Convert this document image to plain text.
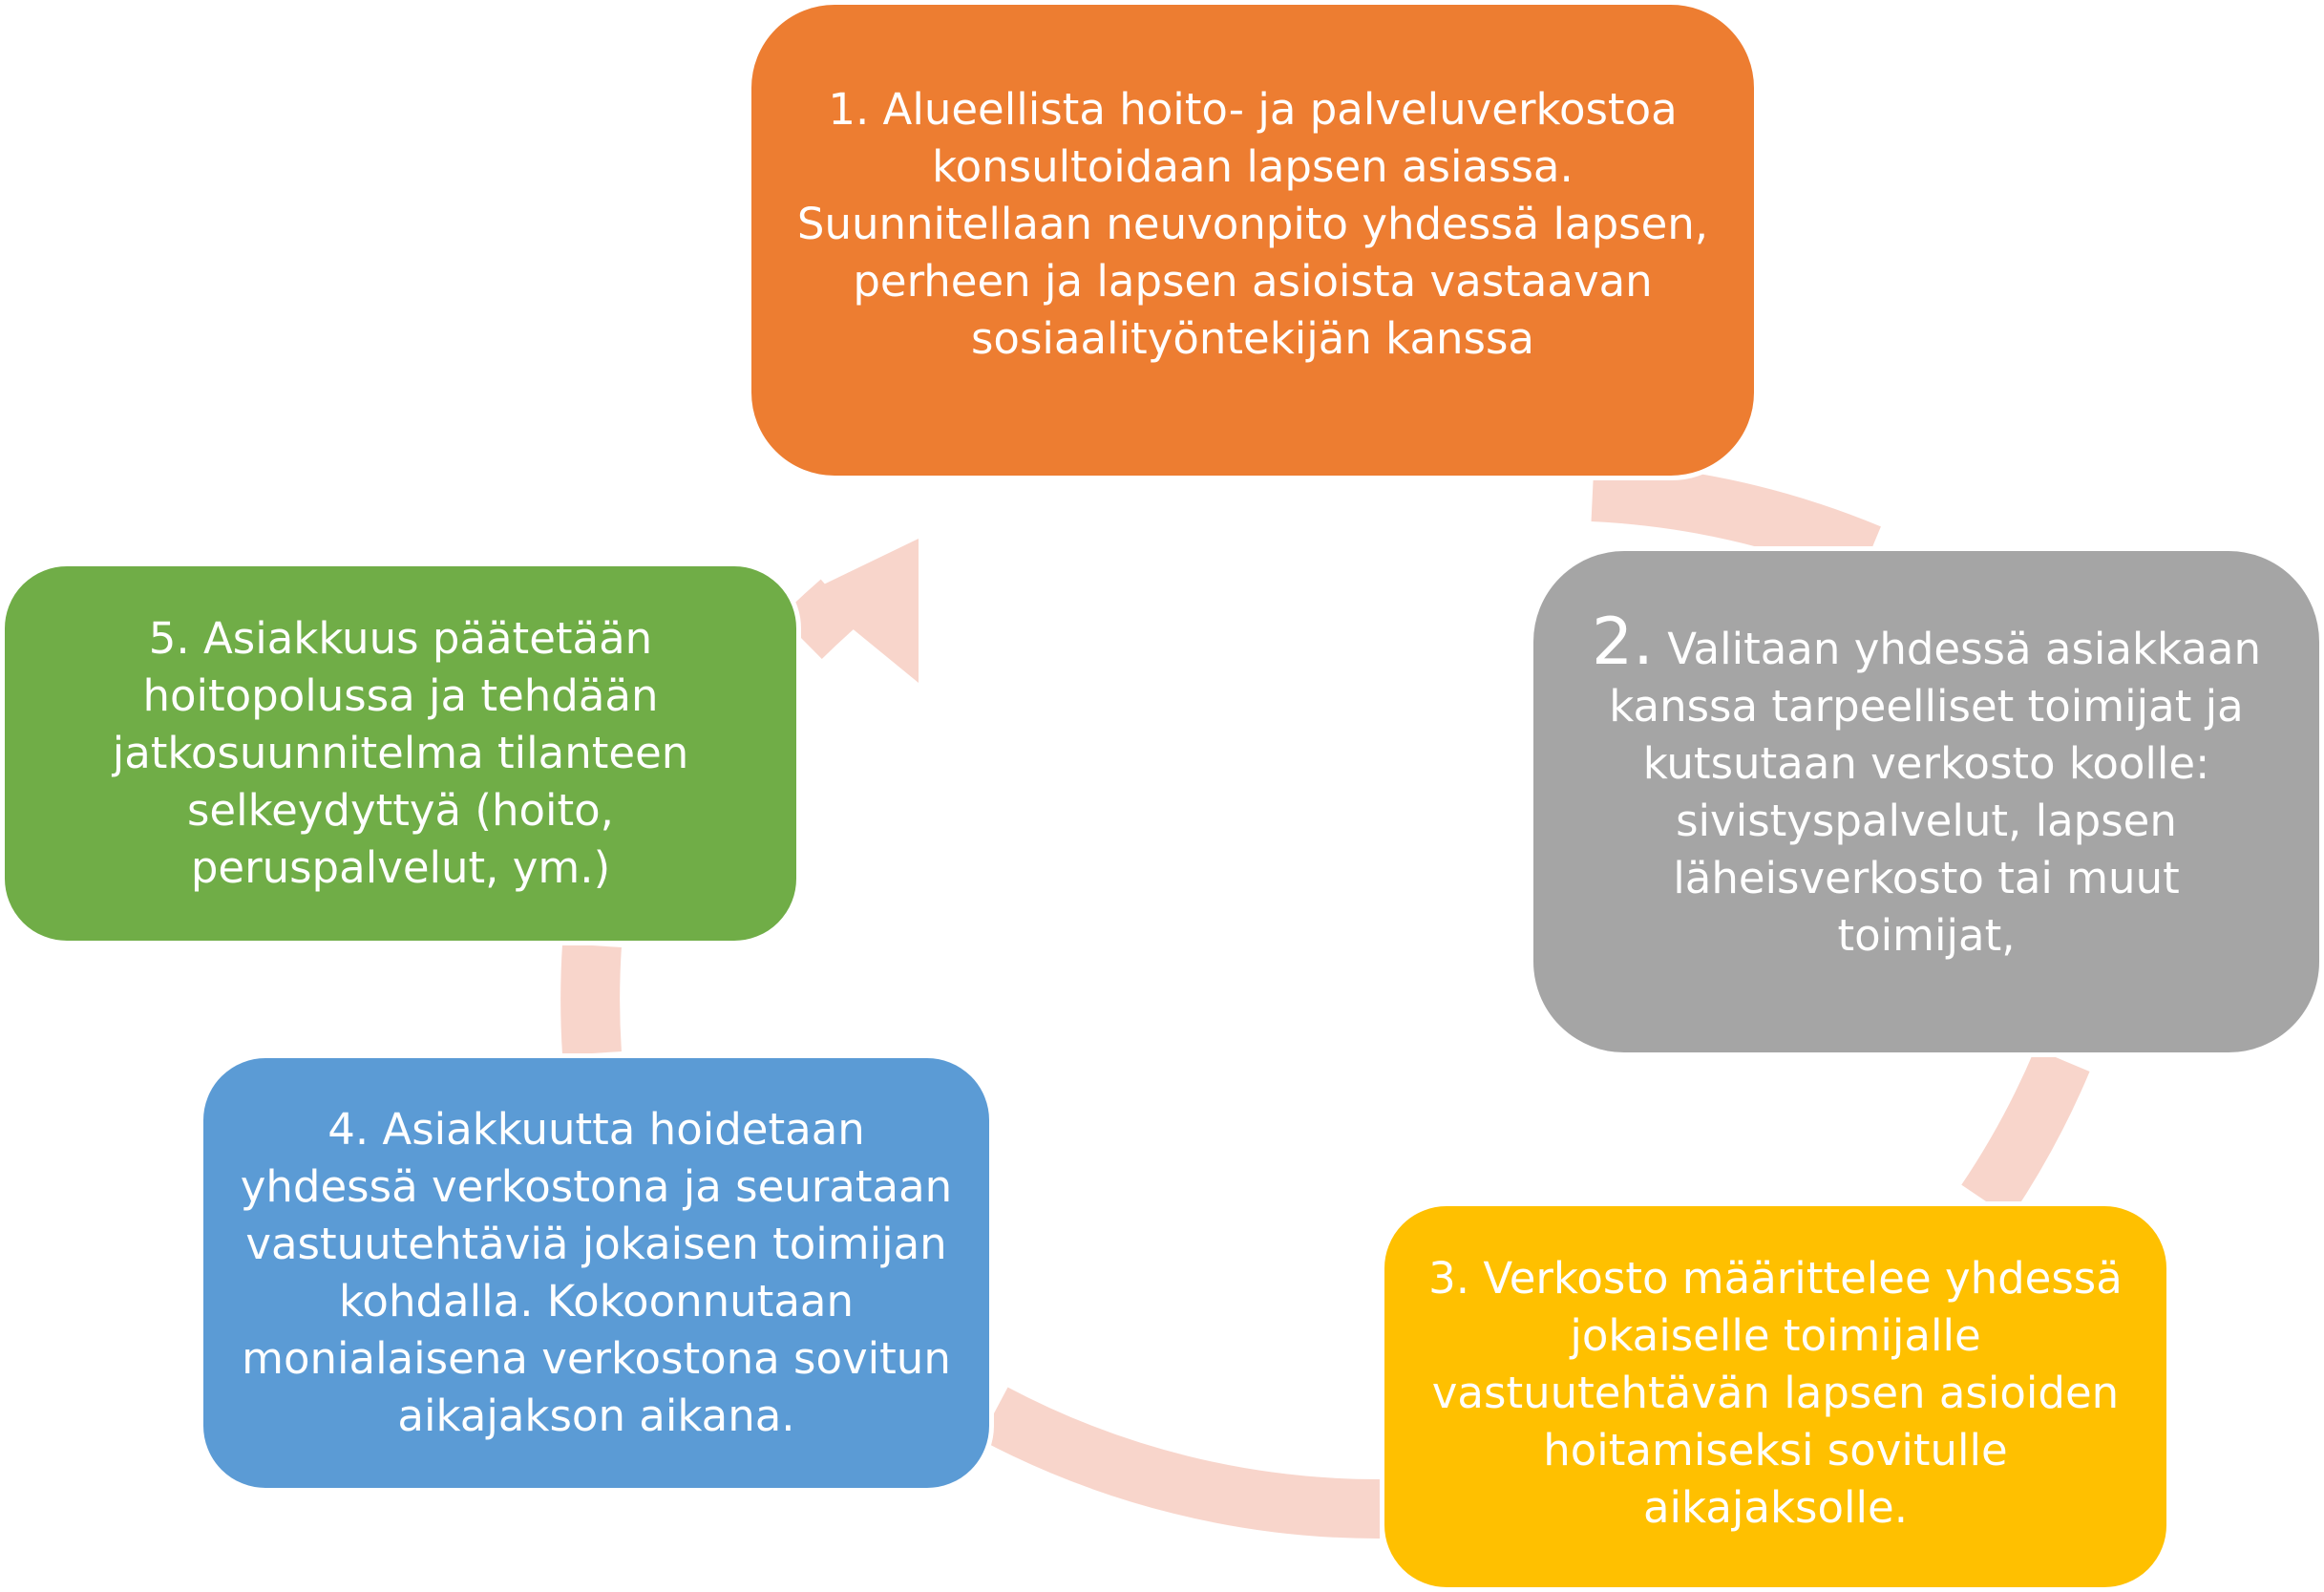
1. Alueellista hoito- ja palveluverkostoa
konsultoidaan lapsen asiassa.
Suunnitellaan neuvonpito yhdessä lapsen,
perheen ja lapsen asioista vastaavan
sosiaalityöntekijän kanssa
2. Valitaan yhdessä asiakkaan
kanssa tarpeelliset toimijat ja
kutsutaan verkosto koolle:
sivistyspalvelut, lapsen
läheisverkosto tai muut
toimijat,
3. Verkosto määrittelee yhdessä
jokaiselle toimijalle
vastuutehtävän lapsen asioiden
hoitamiseksi sovitulle
aikajaksolle.
4. Asiakkuutta hoidetaan
yhdessä verkostona ja seurataan
vastuutehtäviä jokaisen toimijan
kohdalla. Kokoonnutaan
monialaisena verkostona sovitun
aikajakson aikana.
5. Asiakkuus päätetään
hoitopolussa ja tehdään
jatkosuunnitelma tilanteen
selkeydyttyä (hoito,
peruspalvelut, ym.)
